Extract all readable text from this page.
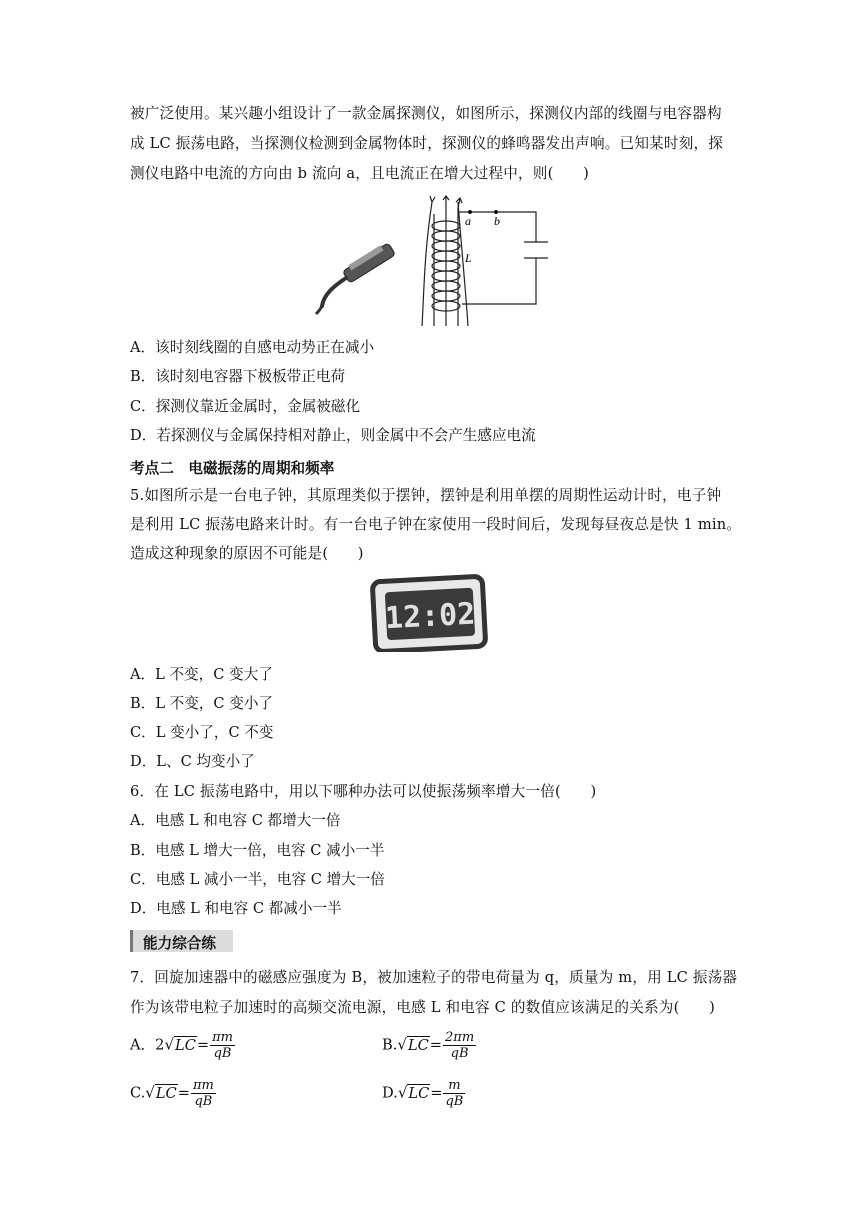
被广泛使用。某兴趣小组设计了一款金属探测仪，如图所示，探测仪内部的线圈与电容器构
成 LC 振荡电路，当探测仪检测到金属物体时，探测仪的蜂鸣器发出声响。已知某时刻，探
测仪电路中电流的方向由 b 流向 a，且电流正在增大过程中，则(　　)
a b
L
A．该时刻线圈的自感电动势正在减小
B．该时刻电容器下极板带正电荷
C．探测仪靠近金属时，金属被磁化
D．若探测仪与金属保持相对静止，则金属中不会产生感应电流
考点二　电磁振荡的周期和频率
5.如图所示是一台电子钟，其原理类似于摆钟，摆钟是利用单摆的周期性运动计时，电子钟
是利用 LC 振荡电路来计时。有一台电子钟在家使用一段时间后，发现每昼夜总是快 1 min。
造成这种现象的原因不可能是(　　)
12:02
A．L 不变，C 变大了
B．L 不变，C 变小了
C．L 变小了，C 不变
D．L、C 均变小了
6．在 LC 振荡电路中，用以下哪种办法可以使振荡频率增大一倍(　　)
A．电感 L 和电容 C 都增大一倍
B．电感 L 增大一倍，电容 C 减小一半
C．电感 L 减小一半，电容 C 增大一倍
D．电感 L 和电容 C 都减小一半
能力综合练
7．回旋加速器中的磁感应强度为 B，被加速粒子的带电荷量为 q，质量为 m，用 LC 振荡器
作为该带电粒子加速时的高频交流电源，电感 L 和电容 C 的数值应该满足的关系为(　　)
A．$2√LC= \frac{\pi m}{qB}$	$B.√LC= \frac{2\pi m}{qB}$
$C.√LC= \frac{\pi m}{qB}$	$D.√LC= \frac{m}{qB}$
